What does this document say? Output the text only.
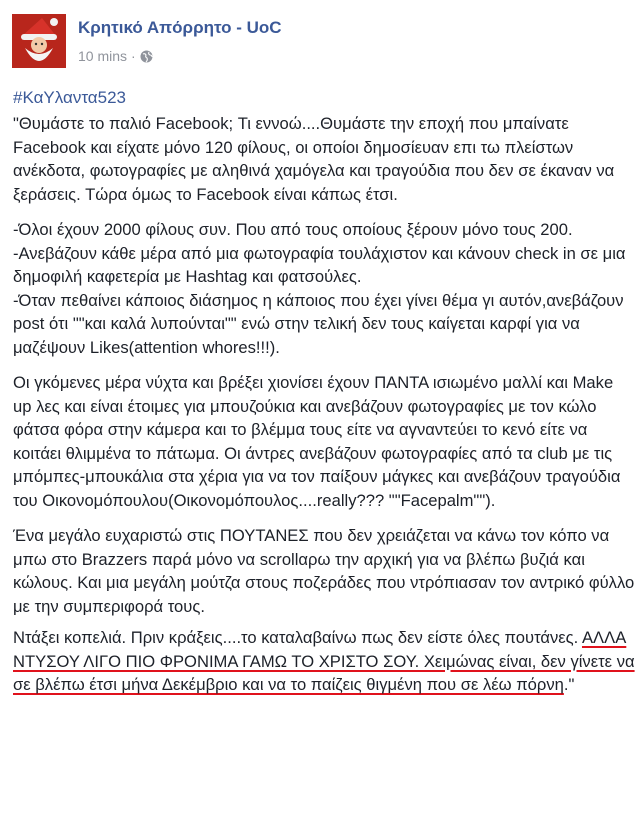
Κρητικό Απόρρητο - UoC
10 mins ·
#ΚαΥλαντα523

"Θυμάστε το παλιό Facebook; Τι εννοώ....Θυμάστε την εποχή που μπαίνατε Facebook και είχατε μόνο 120 φίλους, οι οποίοι δημοσίευαν επι τω πλείστων ανέκδοτα, φωτογραφίες με αληθινά χαμόγελα και τραγούδια που δεν σε έκαναν να ξεράσεις. Τώρα όμως το Facebook είναι κάπως έτσι.

-Όλοι έχουν 2000 φίλους συν. Που από τους οποίους ξέρουν μόνο τους 200.
-Ανεβάζουν κάθε μέρα από μια φωτογραφία τουλάχιστον και κάνουν check in σε μια δημοφιλή καφετερία με Hashtag και φατσούλες.
-Όταν πεθαίνει κάποιος διάσημος η κάποιος που έχει γίνει θέμα γι αυτόν,ανεβάζουν post ότι ""και καλά λυπούνται"" ενώ στην τελική δεν τους καίγεται καρφί για να μαζέψουν Likes(attention whores!!!).

Οι γκόμενες μέρα νύχτα και βρέξει χιονίσει έχουν ΠΑΝΤΑ ισιωμένο μαλλί και Make up λες και είναι έτοιμες για μπουζούκια και ανεβάζουν φωτογραφίες με τον κώλο φάτσα φόρα στην κάμερα και το βλέμμα τους είτε να αγναντεύει το κενό είτε να κοιτάει θλιμμένα το πάτωμα. Οι άντρες ανεβάζουν φωτογραφίες από τα club με τις μπόμπες-μπουκάλια στα χέρια για να τον παίξουν μάγκες και ανεβάζουν τραγούδια του Οικονομόπουλου(Οικονομόπουλος....really??? ""Facepalm"").

Ένα μεγάλο ευχαριστώ στις ΠΟΥΤΑΝΕΣ που δεν χρειάζεται να κάνω τον κόπο να μπω στο Brazzers παρά μόνο να scrollαρω την αρχική για να βλέπω βυζιά και κώλους. Και μια μεγάλη μούτζα στους ποζεράδες που ντρόπιασαν τον αντρικό φύλλο με την συμπεριφορά τους.

Ντάξει κοπελιά. Πριν κράξεις....το καταλαβαίνω πως δεν είστε όλες πουτάνες. ΑΛΛΑ ΝΤΥΣΟΥ ΛΙΓΟ ΠΙΟ ΦΡΟΝΙΜΑ ΓΑΜΩ ΤΟ ΧΡΙΣΤΟ ΣΟΥ. Χειμώνας είναι, δεν γίνετε να σε βλέπω έτσι μήνα Δεκέμβριο και να το παίζεις θιγμένη που σε λέω πόρνη."
